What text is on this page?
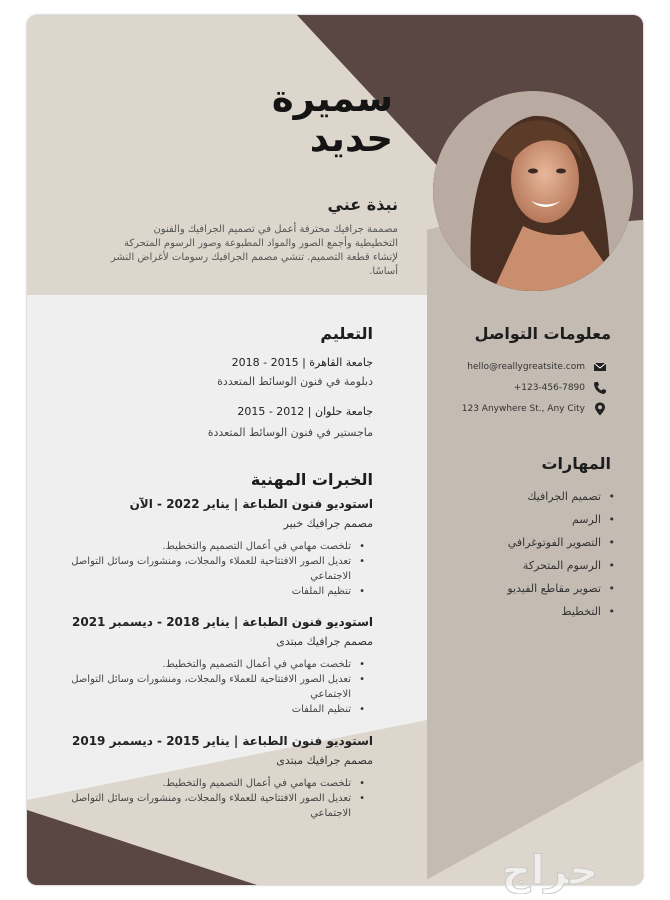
سميرة
حديد
نبذة عني
مصممة جرافيك محترفة أعمل في تصميم الجرافيك والفنون التخطيطية وأجمع الصور والمواد المطبوعة وصور الرسوم المتحركة لإنشاء قطعة التصميم. تنشي مصمم الجرافيك رسومات لأغراض النشر أساسًا.
معلومات التواصل
hello@reallygreatsite.com
+123-456-7890
123 Anywhere St., Any City
المهارات
• تصميم الجرافيك
• الرسم
• التصوير الفوتوغرافي
• الرسوم المتحركة
• تصوير مقاطع الفيديو
• التخطيط
التعليم
جامعة القاهرة | 2015 - 2018
دبلومة في فنون الوسائط المتعددة
جامعة حلوان | 2012 - 2015
ماجستير في فنون الوسائط المتعددة
الخبرات المهنية
استوديو فنون الطباعة | يناير 2022 - الآن
مصمم جرافيك خبير
• تلخصت مهامي في أعمال التصميم والتخطيط.
• تعديل الصور الافتتاحية للعملاء والمجلات، ومنشورات وسائل التواصل الاجتماعي
• تنظيم الملفات
استوديو فنون الطباعة | يناير 2018 - ديسمبر 2021
مصمم جرافيك مبتدى
• تلخصت مهامي في أعمال التصميم والتخطيط.
• تعديل الصور الافتتاحية للعملاء والمجلات، ومنشورات وسائل التواصل الاجتماعي
• تنظيم الملفات
استوديو فنون الطباعة | يناير 2015 - ديسمبر 2019
مصمم جرافيك مبتدى
• تلخصت مهامي في أعمال التصميم والتخطيط.
• تعديل الصور الافتتاحية للعملاء والمجلات، ومنشورات وسائل التواصل الاجتماعي
حراج
